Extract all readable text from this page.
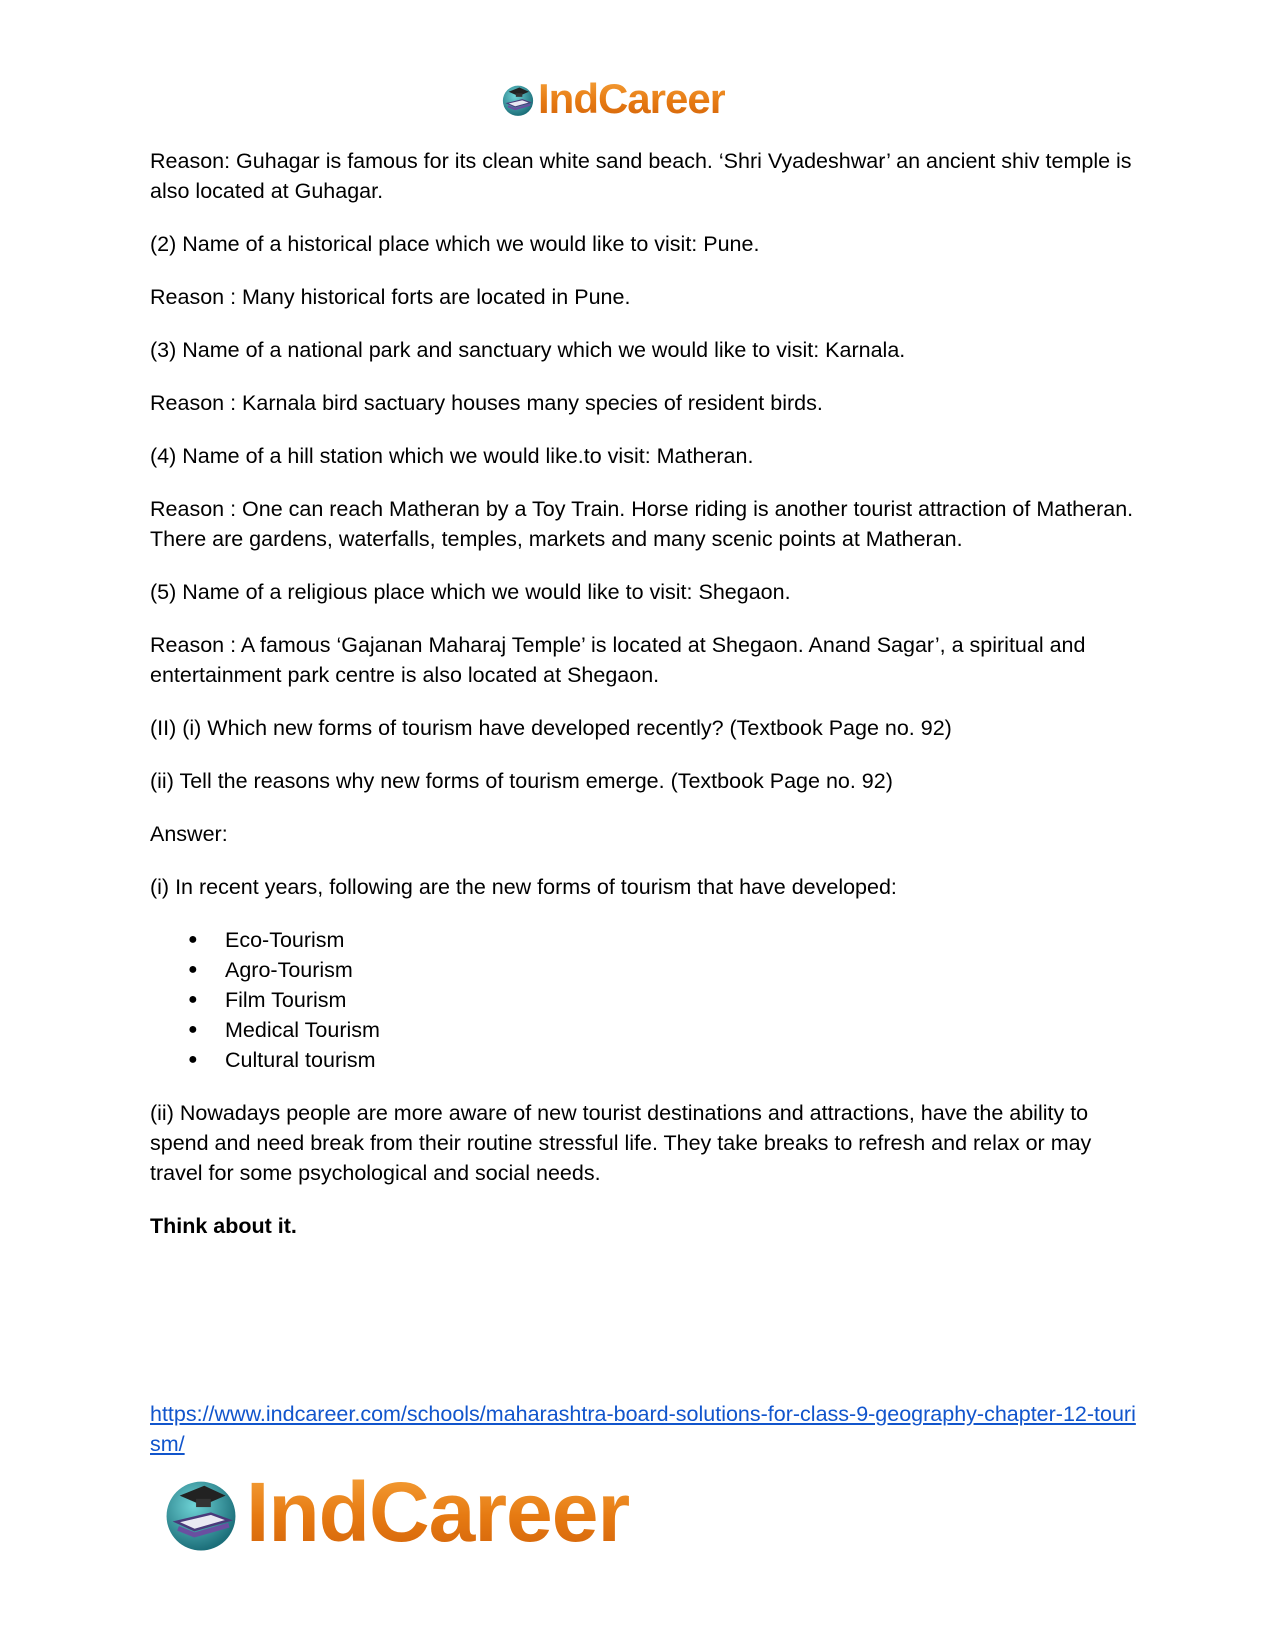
IndCareer

Reason: Guhagar is famous for its clean white sand beach. ‘Shri Vyadeshwar’ an ancient shiv temple is also located at Guhagar.

(2) Name of a historical place which we would like to visit: Pune.

Reason : Many historical forts are located in Pune.

(3) Name of a national park and sanctuary which we would like to visit: Karnala.

Reason : Karnala bird sactuary houses many species of resident birds.

(4) Name of a hill station which we would like.to visit: Matheran.

Reason : One can reach Matheran by a Toy Train. Horse riding is another tourist attraction of Matheran. There are gardens, waterfalls, temples, markets and many scenic points at Matheran.

(5) Name of a religious place which we would like to visit: Shegaon.

Reason : A famous ‘Gajanan Maharaj Temple’ is located at Shegaon. Anand Sagar’, a spiritual and entertainment park centre is also located at Shegaon.

(II) (i) Which new forms of tourism have developed recently? (Textbook Page no. 92)

(ii) Tell the reasons why new forms of tourism emerge. (Textbook Page no. 92)

Answer:

(i) In recent years, following are the new forms of tourism that have developed:

● Eco-Tourism
● Agro-Tourism
● Film Tourism
● Medical Tourism
● Cultural tourism

(ii) Nowadays people are more aware of new tourist destinations and attractions, have the ability to spend and need break from their routine stressful life. They take breaks to refresh and relax or may travel for some psychological and social needs.

Think about it.

https://www.indcareer.com/schools/maharashtra-board-solutions-for-class-9-geography-chapter-12-tourism/
IndCareer
